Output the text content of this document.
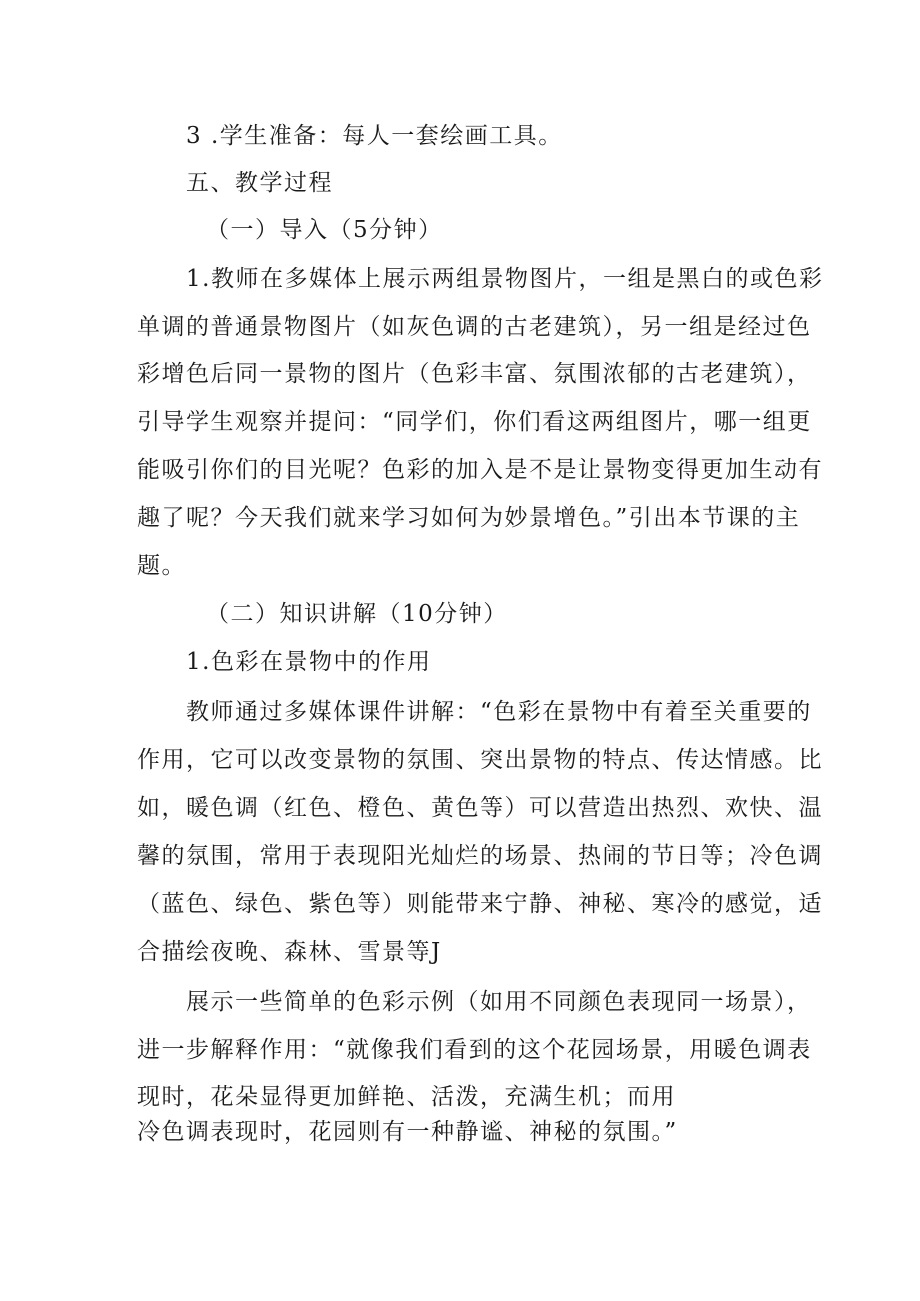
3 .学生准备：每人一套绘画工具。
五、教学过程
（一）导入（5分钟）
1.教师在多媒体上展示两组景物图片，一组是黑白的或色彩
单调的普通景物图片（如灰色调的古老建筑），另一组是经过色
彩增色后同一景物的图片（色彩丰富、氛围浓郁的古老建筑），
引导学生观察并提问：“同学们，你们看这两组图片，哪一组更
能吸引你们的目光呢？色彩的加入是不是让景物变得更加生动有
趣了呢？今天我们就来学习如何为妙景增色。”引出本节课的主
题。
（二）知识讲解（10分钟）
1.色彩在景物中的作用
教师通过多媒体课件讲解：“色彩在景物中有着至关重要的
作用，它可以改变景物的氛围、突出景物的特点、传达情感。比
如，暖色调（红色、橙色、黄色等）可以营造出热烈、欢快、温
馨的氛围，常用于表现阳光灿烂的场景、热闹的节日等；冷色调
（蓝色、绿色、紫色等）则能带来宁静、神秘、寒冷的感觉，适
合描绘夜晚、森林、雪景等J
展示一些简单的色彩示例（如用不同颜色表现同一场景），
进一步解释作用：“就像我们看到的这个花园场景，用暖色调表
现时，花朵显得更加鲜艳、活泼，充满生机；而用
冷色调表现时，花园则有一种静谧、神秘的氛围。”
